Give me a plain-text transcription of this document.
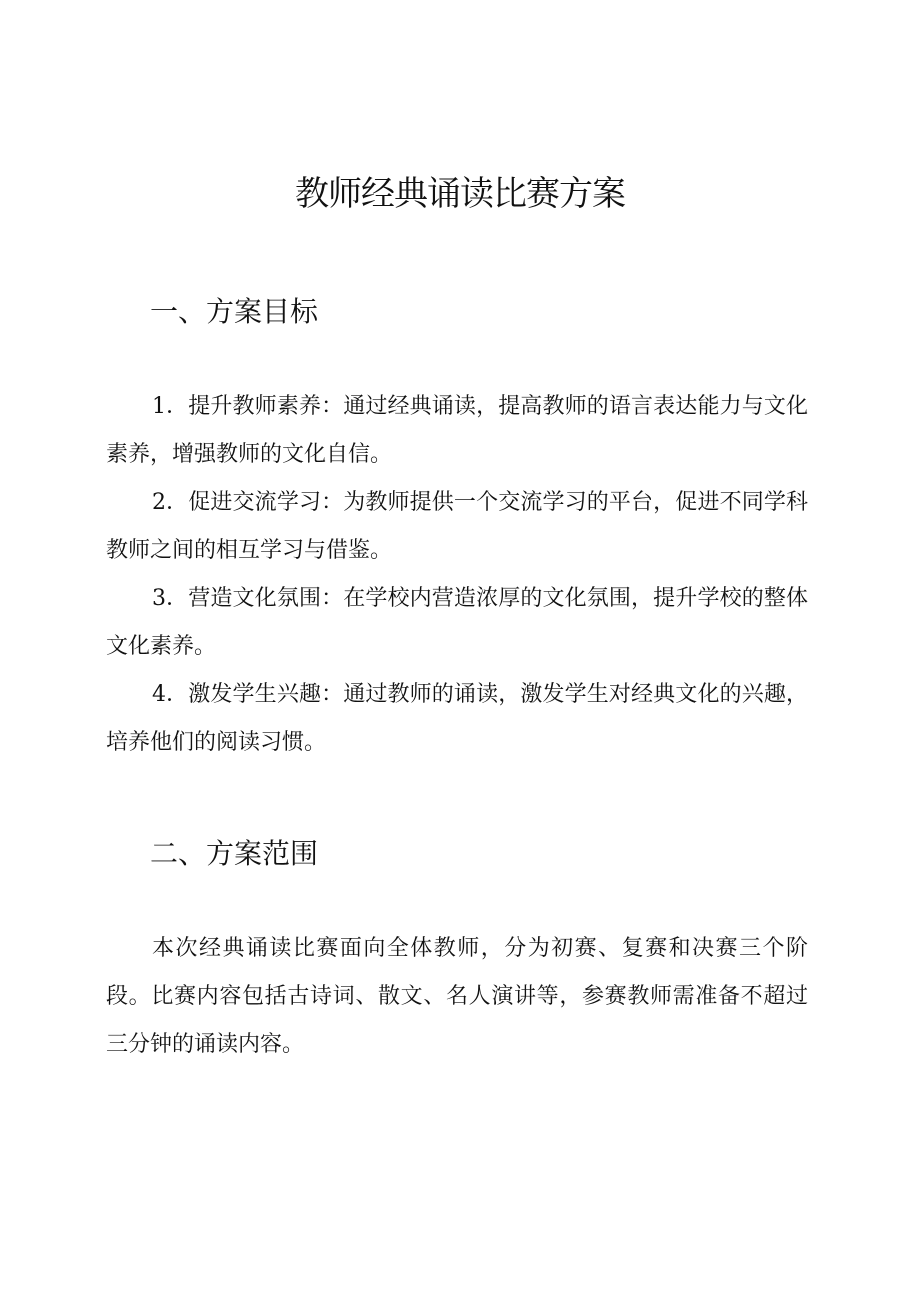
教师经典诵读比赛方案
一、方案目标

1．提升教师素养：通过经典诵读，提高教师的语言表达能力与文化素养，增强教师的文化自信。

2．促进交流学习：为教师提供一个交流学习的平台，促进不同学科教师之间的相互学习与借鉴。

3．营造文化氛围：在学校内营造浓厚的文化氛围，提升学校的整体文化素养。

4．激发学生兴趣：通过教师的诵读，激发学生对经典文化的兴趣，培养他们的阅读习惯。

二、方案范围

本次经典诵读比赛面向全体教师，分为初赛、复赛和决赛三个阶段。比赛内容包括古诗词、散文、名人演讲等，参赛教师需准备不超过三分钟的诵读内容。
